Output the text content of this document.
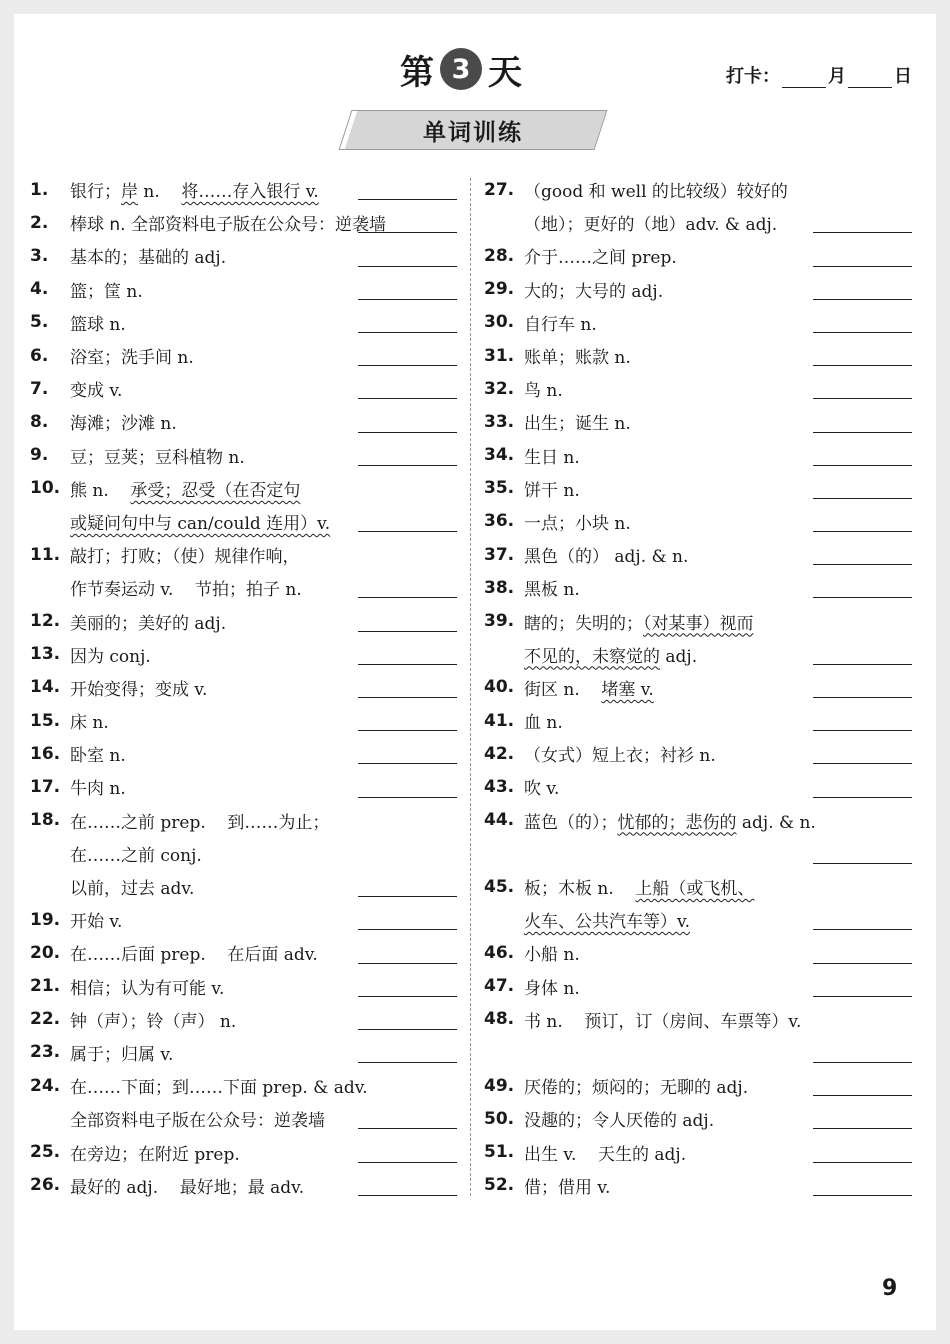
第 3 天	打卡：	月	日
单词训练
1.	银行；岸 n.    将……存入银行 v.
2.	棒球 n. 全部资料电子版在公众号：逆袭墙
3.	基本的；基础的 adj.
4.	篮；筐 n.
5.	篮球 n.
6.	浴室；洗手间 n.
7.	变成 v.
8.	海滩；沙滩 n.
9.	豆；豆荚；豆科植物 n.
10. 熊 n.    承受；忍受（在否定句
或疑问句中与 can/could 连用）v.
11. 敲打；打败；（使）规律作响，
作节奏运动 v.    节拍；拍子 n.
12. 美丽的；美好的 adj.
13. 因为 conj.
14. 开始变得；变成 v.
15. 床 n.
16. 卧室 n.
17. 牛肉 n.
18. 在……之前 prep.    到……为止；
在……之前 conj.
以前，过去 adv.
19. 开始 v.
20. 在……后面 prep.    在后面 adv.
21. 相信；认为有可能 v.
22. 钟（声）；铃（声） n.
23. 属于；归属 v.
24. 在……下面；到……下面 prep. & adv.
全部资料电子版在公众号：逆袭墙
25. 在旁边；在附近 prep.
26. 最好的 adj.    最好地；最 adv.
27. （good 和 well 的比较级）较好的
（地）；更好的（地）adv. & adj.
28. 介于……之间 prep.
29. 大的；大号的 adj.
30. 自行车 n.
31. 账单；账款 n.
32. 鸟 n.
33. 出生；诞生 n.
34. 生日 n.
35. 饼干 n.
36. 一点；小块 n.
37. 黑色（的） adj. & n.
38. 黑板 n.
39. 瞎的；失明的；（对某事）视而
不见的，未察觉的 adj.
40. 街区 n.    堵塞 v.
41. 血 n.
42. （女式）短上衣；衬衫 n.
43. 吹 v.
44. 蓝色（的）；忧郁的；悲伤的 adj. & n.
45. 板；木板 n.    上船（或飞机、
火车、公共汽车等）v.
46. 小船 n.
47. 身体 n.
48. 书 n.    预订，订（房间、车票等）v.
49. 厌倦的；烦闷的；无聊的 adj.
50. 没趣的；令人厌倦的 adj.
51. 出生 v.    天生的 adj.
52. 借；借用 v.
9
